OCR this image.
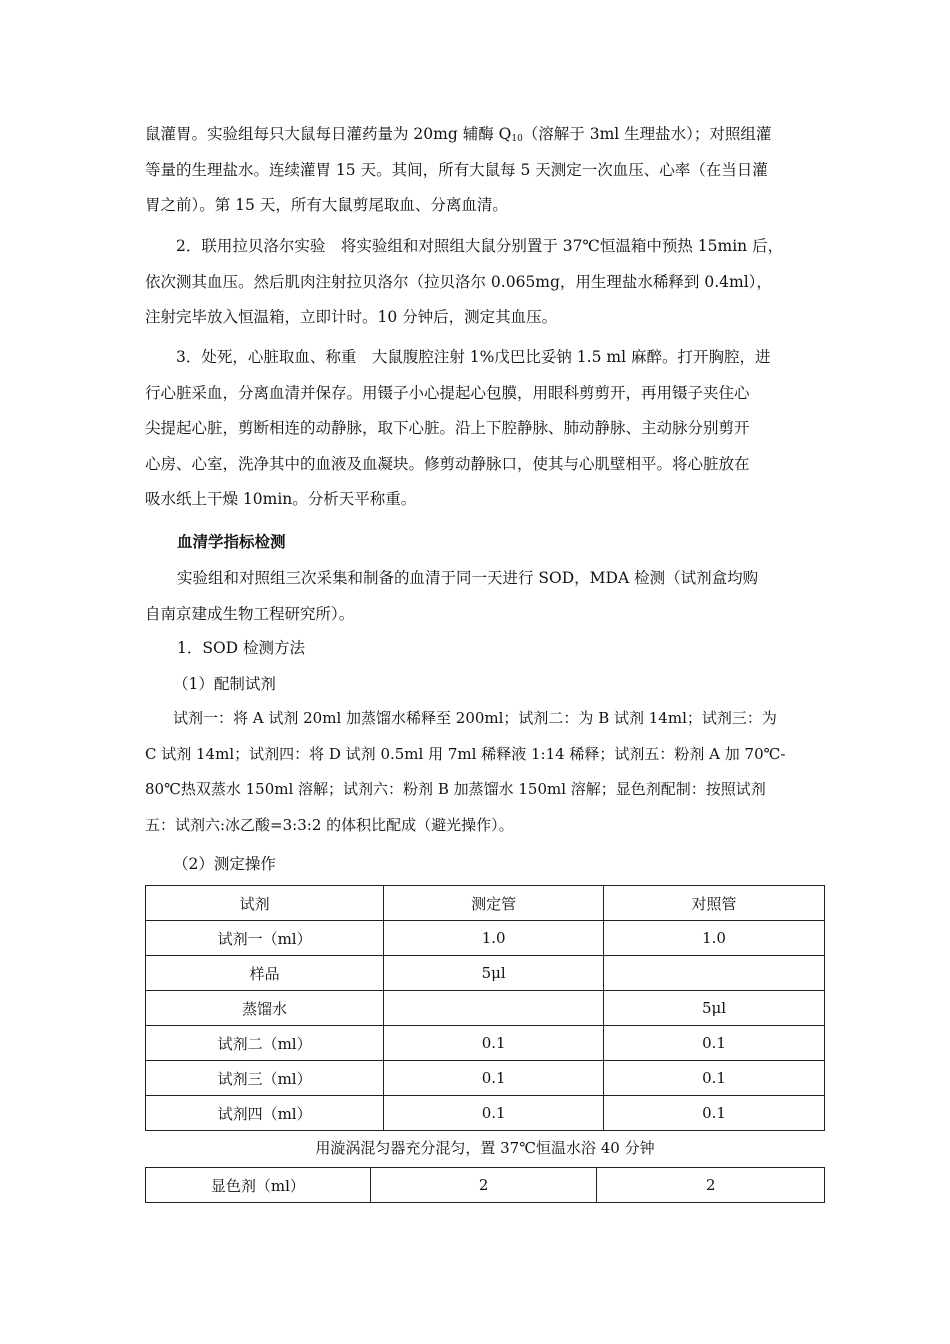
鼠灌胃。实验组每只大鼠每日灌药量为 20mg 辅酶 $Q_{10}$（溶解于 3ml 生理盐水）；对照组灌
等量的生理盐水。连续灌胃 15 天。其间，所有大鼠每 5 天测定一次血压、心率（在当日灌
胃之前）。第 15 天，所有大鼠剪尾取血、分离血清。
2．联用拉贝洛尔实验　将实验组和对照组大鼠分别置于 37℃恒温箱中预热 15min 后，
依次测其血压。然后肌肉注射拉贝洛尔（拉贝洛尔 0.065mg，用生理盐水稀释到 0.4ml），
注射完毕放入恒温箱，立即计时。10 分钟后，测定其血压。
3．处死，心脏取血、称重　大鼠腹腔注射 1%戊巴比妥钠 1.5 ml 麻醉。打开胸腔，进
行心脏采血，分离血清并保存。用镊子小心提起心包膜，用眼科剪剪开，再用镊子夹住心
尖提起心脏，剪断相连的动静脉，取下心脏。沿上下腔静脉、肺动静脉、主动脉分别剪开
心房、心室，洗净其中的血液及血凝块。修剪动静脉口，使其与心肌壁相平。将心脏放在
吸水纸上干燥 10min。分析天平称重。
血清学指标检测
实验组和对照组三次采集和制备的血清于同一天进行 SOD，MDA 检测（试剂盒均购
自南京建成生物工程研究所）。
1．SOD 检测方法
（1）配制试剂
试剂一：将 A 试剂 20ml 加蒸馏水稀释至 200ml；试剂二：为 B 试剂 14ml；试剂三：为
C 试剂 14ml；试剂四：将 D 试剂 0.5ml 用 7ml 稀释液 1:14 稀释；试剂五：粉剂 A 加 70℃-
80℃热双蒸水 150ml 溶解；试剂六：粉剂 B 加蒸馏水 150ml 溶解；显色剂配制：按照试剂
五：试剂六:冰乙酸=3:3:2 的体积比配成（避光操作）。
（2）测定操作
试剂	测定管	对照管
试剂一（ml）	1.0	1.0
样品	5μl	
蒸馏水		5μl
试剂二（ml）	0.1	0.1
试剂三（ml）	0.1	0.1
试剂四（ml）	0.1	0.1
用漩涡混匀器充分混匀，置 37℃恒温水浴 40 分钟
显色剂（ml）	2	2
